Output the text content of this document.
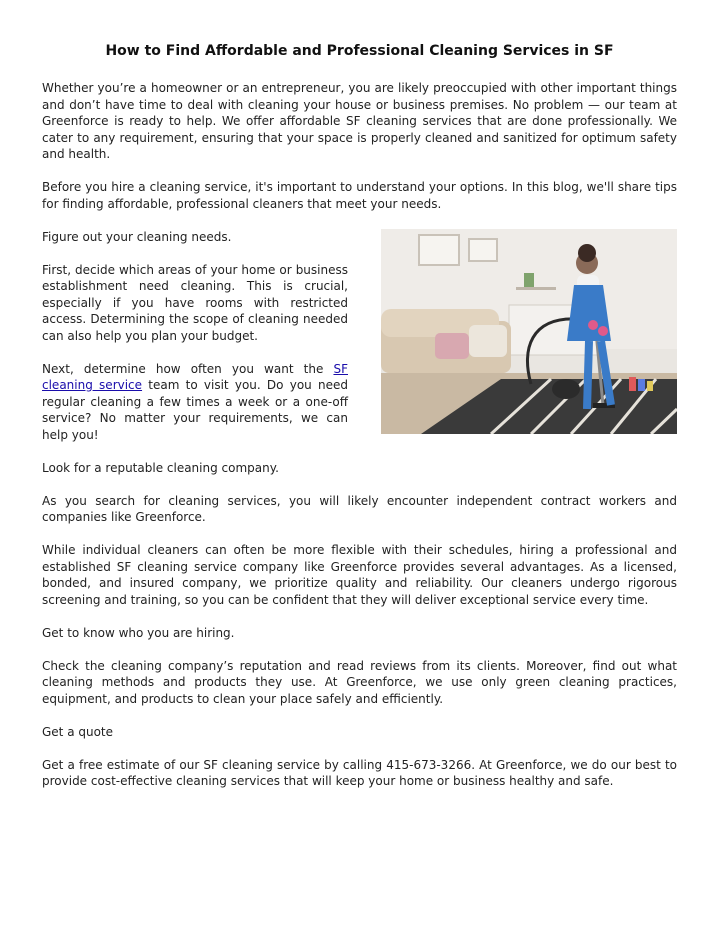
How to Find Affordable and Professional Cleaning Services in SF

Whether you’re a homeowner or an entrepreneur, you are likely preoccupied with other important things and don’t have time to deal with cleaning your house or business premises. No problem — our team at Greenforce is ready to help. We offer affordable SF cleaning services that are done professionally. We cater to any requirement, ensuring that your space is properly cleaned and sanitized for optimum safety and health.

Before you hire a cleaning service, it's important to understand your options. In this blog, we'll share tips for finding affordable, professional cleaners that meet your needs.

Figure out your cleaning needs.

First, decide which areas of your home or business establishment need cleaning. This is crucial, especially if you have rooms with restricted access. Determining the scope of cleaning needed can also help you plan your budget.

Next, determine how often you want the SF cleaning service team to visit you. Do you need regular cleaning a few times a week or a one-off service? No matter your requirements, we can help you!

Look for a reputable cleaning company.

As you search for cleaning services, you will likely encounter independent contract workers and companies like Greenforce.

While individual cleaners can often be more flexible with their schedules, hiring a professional and established SF cleaning service company like Greenforce provides several advantages. As a licensed, bonded, and insured company, we prioritize quality and reliability. Our cleaners undergo rigorous screening and training, so you can be confident that they will deliver exceptional service every time.

Get to know who you are hiring.

Check the cleaning company’s reputation and read reviews from its clients. Moreover, find out what cleaning methods and products they use. At Greenforce, we use only green cleaning practices, equipment, and products to clean your place safely and efficiently.

Get a quote

Get a free estimate of our SF cleaning service by calling 415-673-3266. At Greenforce, we do our best to provide cost-effective cleaning services that will keep your home or business healthy and safe.
